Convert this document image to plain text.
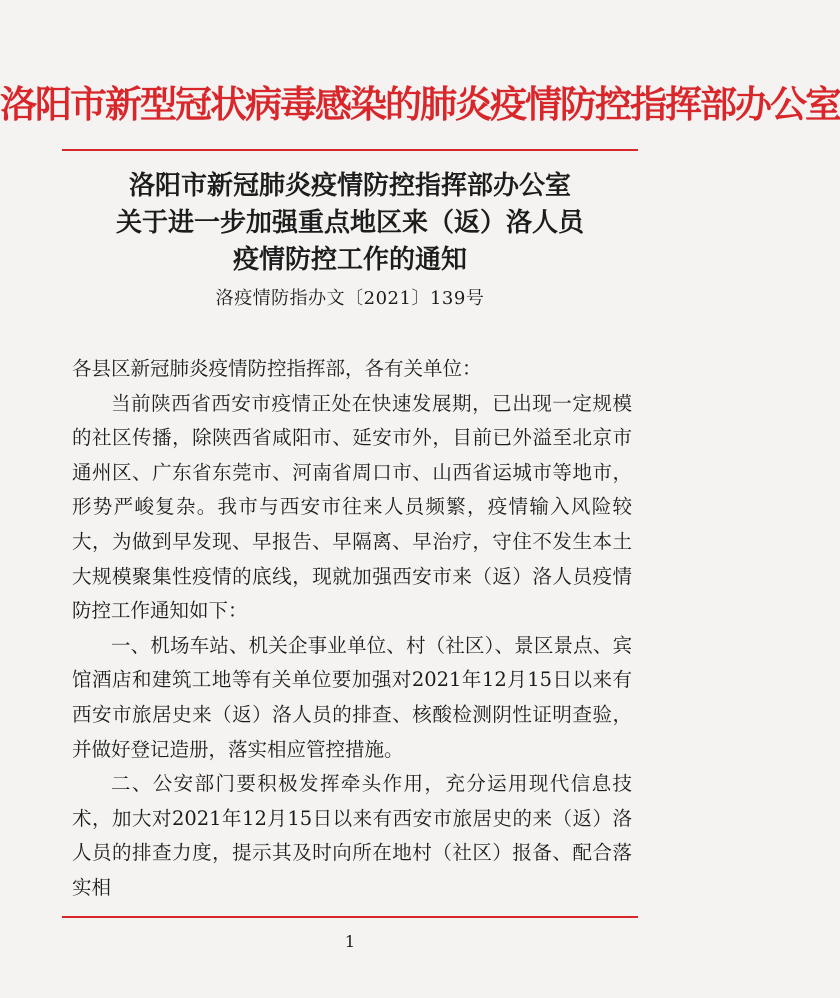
洛阳市新型冠状病毒感染的肺炎疫情防控指挥部办公室
洛阳市新冠肺炎疫情防控指挥部办公室
关于进一步加强重点地区来（返）洛人员
疫情防控工作的通知
洛疫情防指办文〔2021〕139号

各县区新冠肺炎疫情防控指挥部，各有关单位：

当前陕西省西安市疫情正处在快速发展期，已出现一定规模的社区传播，除陕西省咸阳市、延安市外，目前已外溢至北京市通州区、广东省东莞市、河南省周口市、山西省运城市等地市，形势严峻复杂。我市与西安市往来人员频繁，疫情输入风险较大，为做到早发现、早报告、早隔离、早治疗，守住不发生本土大规模聚集性疫情的底线，现就加强西安市来（返）洛人员疫情防控工作通知如下：

一、机场车站、机关企事业单位、村（社区）、景区景点、宾馆酒店和建筑工地等有关单位要加强对2021年12月15日以来有西安市旅居史来（返）洛人员的排查、核酸检测阴性证明查验，并做好登记造册，落实相应管控措施。

二、公安部门要积极发挥牵头作用，充分运用现代信息技术，加大对2021年12月15日以来有西安市旅居史的来（返）洛人员的排查力度，提示其及时向所在地村（社区）报备、配合落实相

1
